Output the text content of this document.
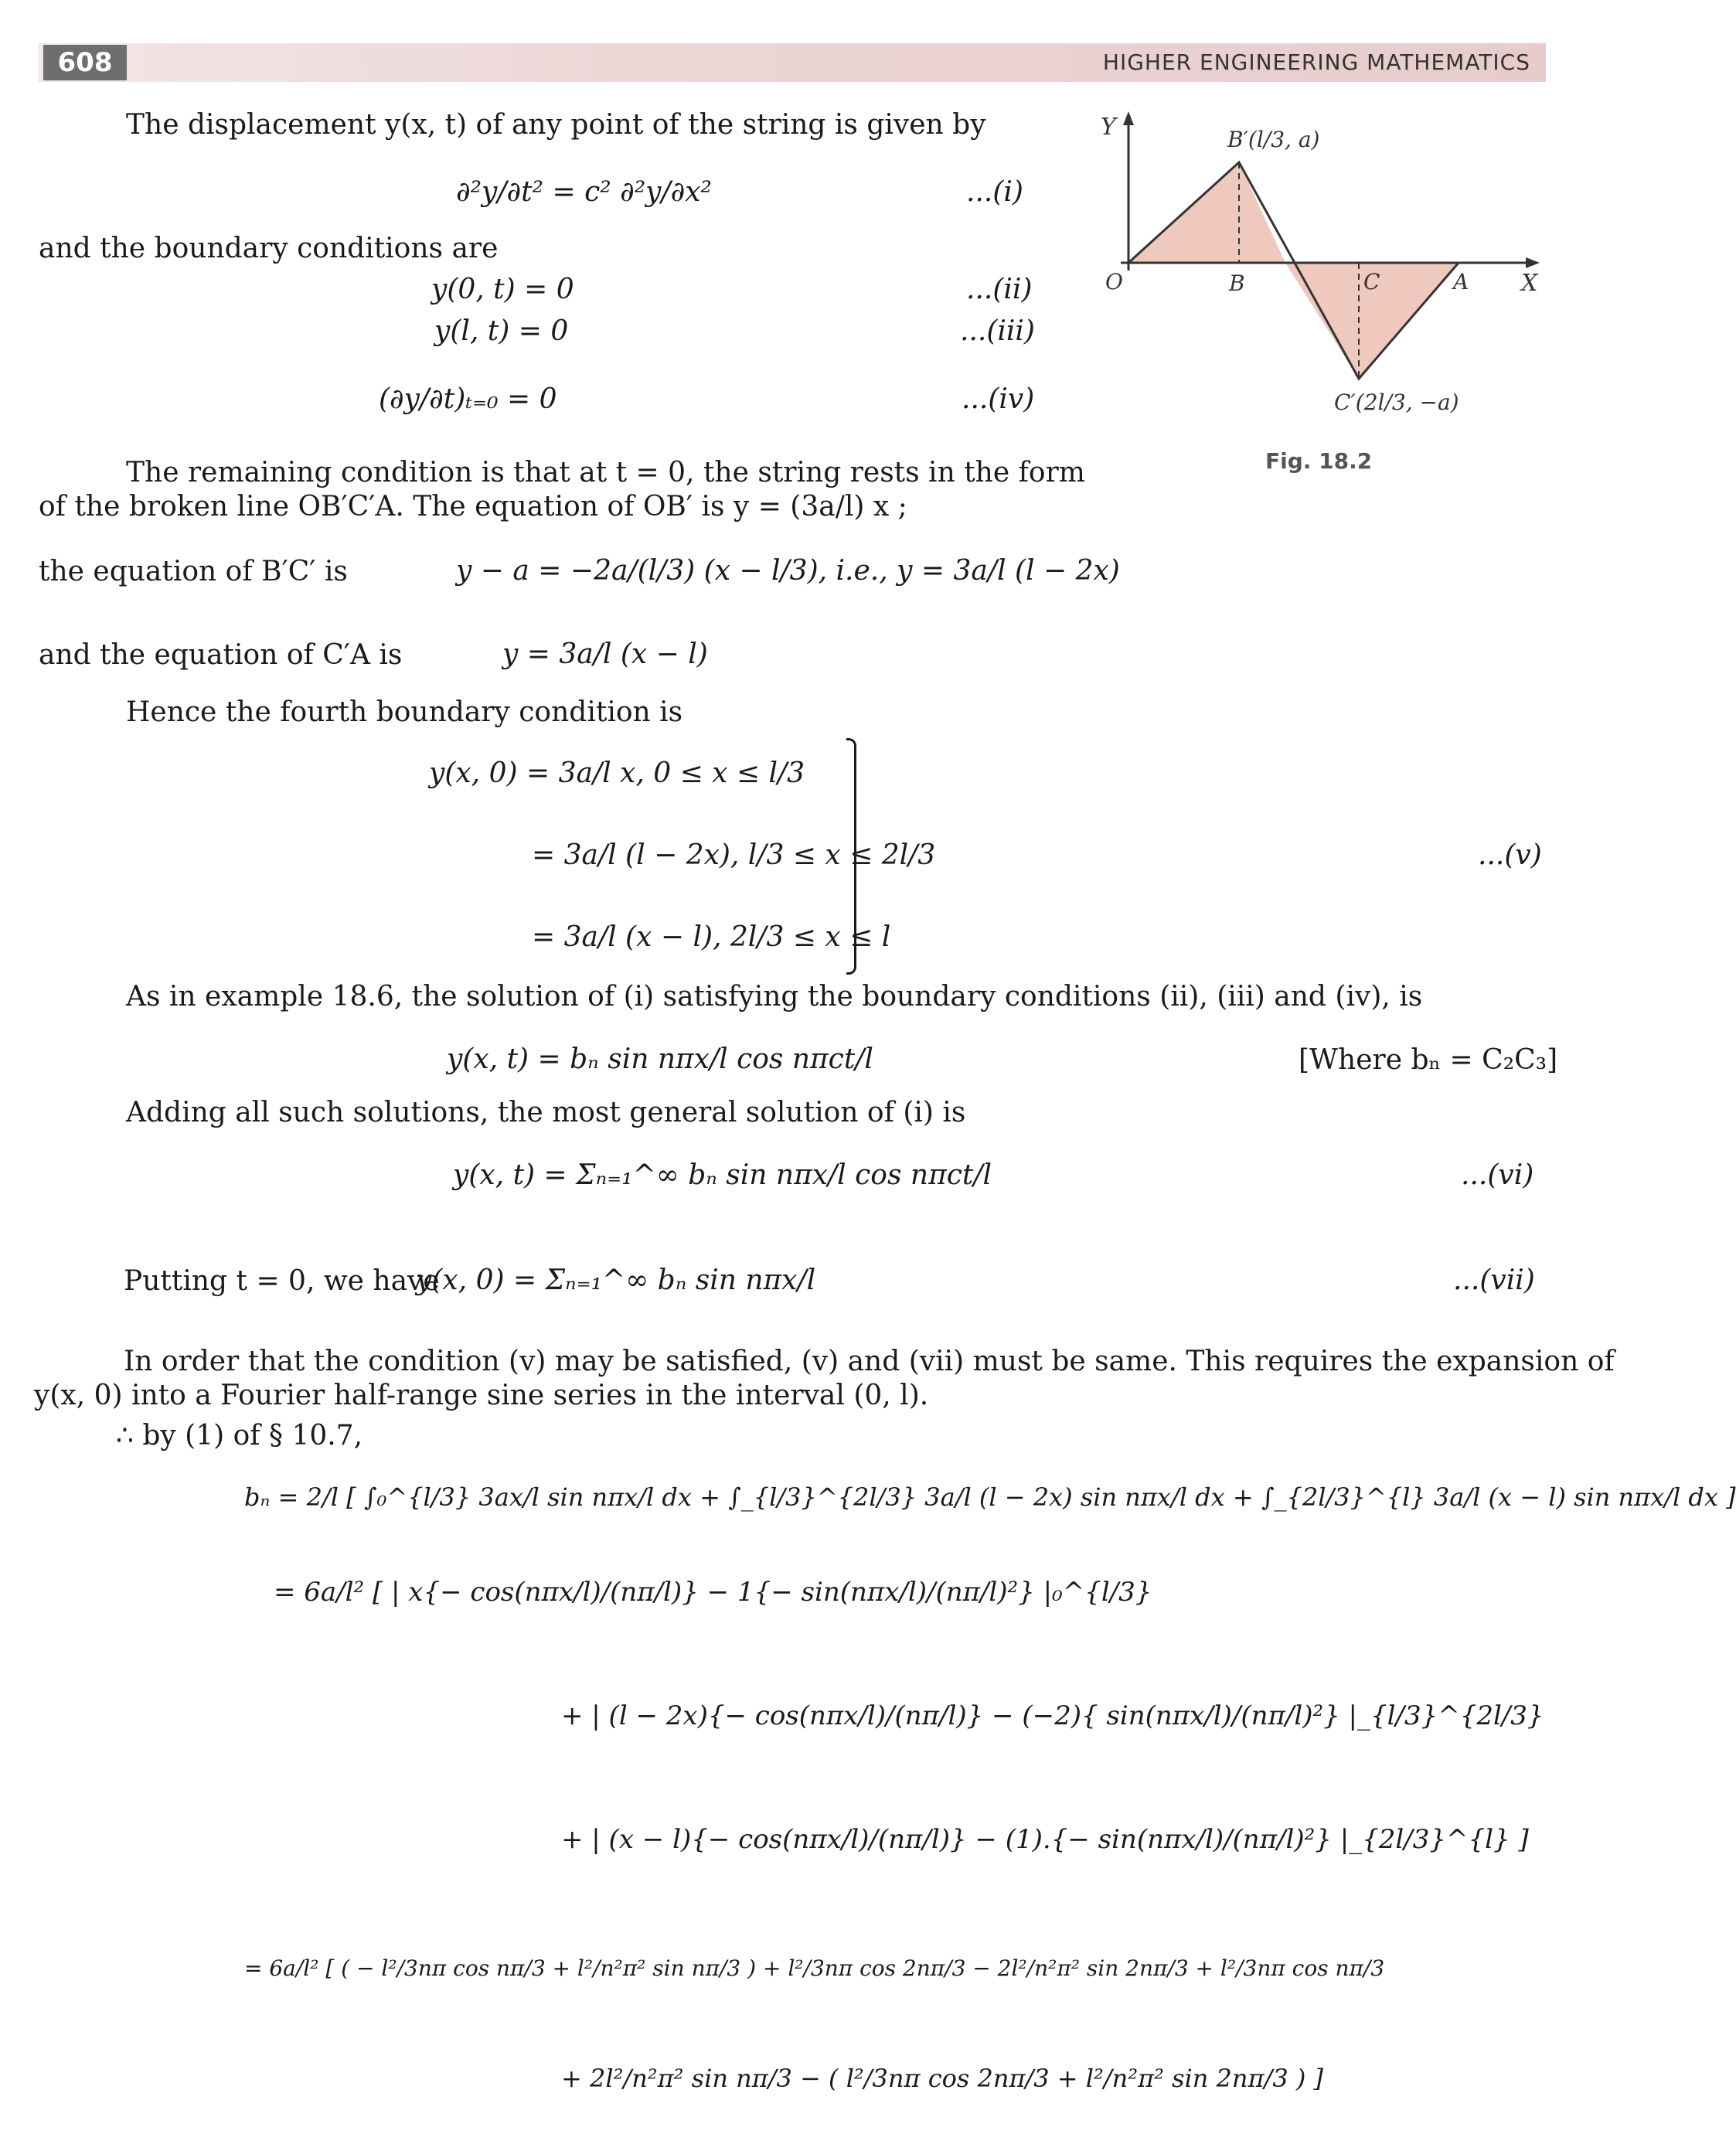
608	HIGHER ENGINEERING MATHEMATICS
Y
X
O	B	C	A
B′(l/3, a)
C′(2l/3, −a)
Fig. 18.2
The displacement y(x, t) of any point of the string is given by
∂²y/∂t² = c² ∂²y/∂x²	...(i)
and the boundary conditions are
y(0, t) = 0	...(ii)
y(l, t) = 0	...(iii)
(∂y/∂t)ₜ₌₀ = 0	...(iv)
The remaining condition is that at t = 0, the string rests in the form
of the broken line OB′C′A. The equation of OB′ is y = (3a/l) x ;
the equation of B′C′ is	y − a = −2a/(l/3) (x − l/3), i.e., y = 3a/l (l − 2x)
and the equation of C′A is	y = 3a/l (x − l)
Hence the fourth boundary condition is
y(x, 0) = 3a/l x, 0 ≤ x ≤ l/3
= 3a/l (l − 2x), l/3 ≤ x ≤ 2l/3
= 3a/l (x − l), 2l/3 ≤ x ≤ l
...(v)
As in example 18.6, the solution of (i) satisfying the boundary conditions (ii), (iii) and (iv), is
y(x, t) = bₙ sin nπx/l cos nπct/l	[Where bₙ = C₂C₃]
Adding all such solutions, the most general solution of (i) is
y(x, t) = Σₙ₌₁^∞ bₙ sin nπx/l cos nπct/l	...(vi)
Putting t = 0, we have
y(x, 0) = Σₙ₌₁^∞ bₙ sin nπx/l	...(vii)
In order that the condition (v) may be satisfied, (v) and (vii) must be same. This requires the expansion of
y(x, 0) into a Fourier half-range sine series in the interval (0, l).
∴ by (1) of § 10.7,
bₙ = 2/l [ ∫₀^{l/3} 3ax/l sin nπx/l dx + ∫_{l/3}^{2l/3} 3a/l (l − 2x) sin nπx/l dx + ∫_{2l/3}^{l} 3a/l (x − l) sin nπx/l dx ]
= 6a/l² [ | x{− cos(nπx/l)/(nπ/l)} − 1{− sin(nπx/l)/(nπ/l)²} |₀^{l/3}
+ | (l − 2x){− cos(nπx/l)/(nπ/l)} − (−2){ sin(nπx/l)/(nπ/l)²} |_{l/3}^{2l/3}
+ | (x − l){− cos(nπx/l)/(nπ/l)} − (1).{− sin(nπx/l)/(nπ/l)²} |_{2l/3}^{l} ]
= 6a/l² [ ( − l²/3nπ cos nπ/3 + l²/n²π² sin nπ/3 ) + l²/3nπ cos 2nπ/3 − 2l²/n²π² sin 2nπ/3 + l²/3nπ cos nπ/3
+ 2l²/n²π² sin nπ/3 − ( l²/3nπ cos 2nπ/3 + l²/n²π² sin 2nπ/3 ) ]
